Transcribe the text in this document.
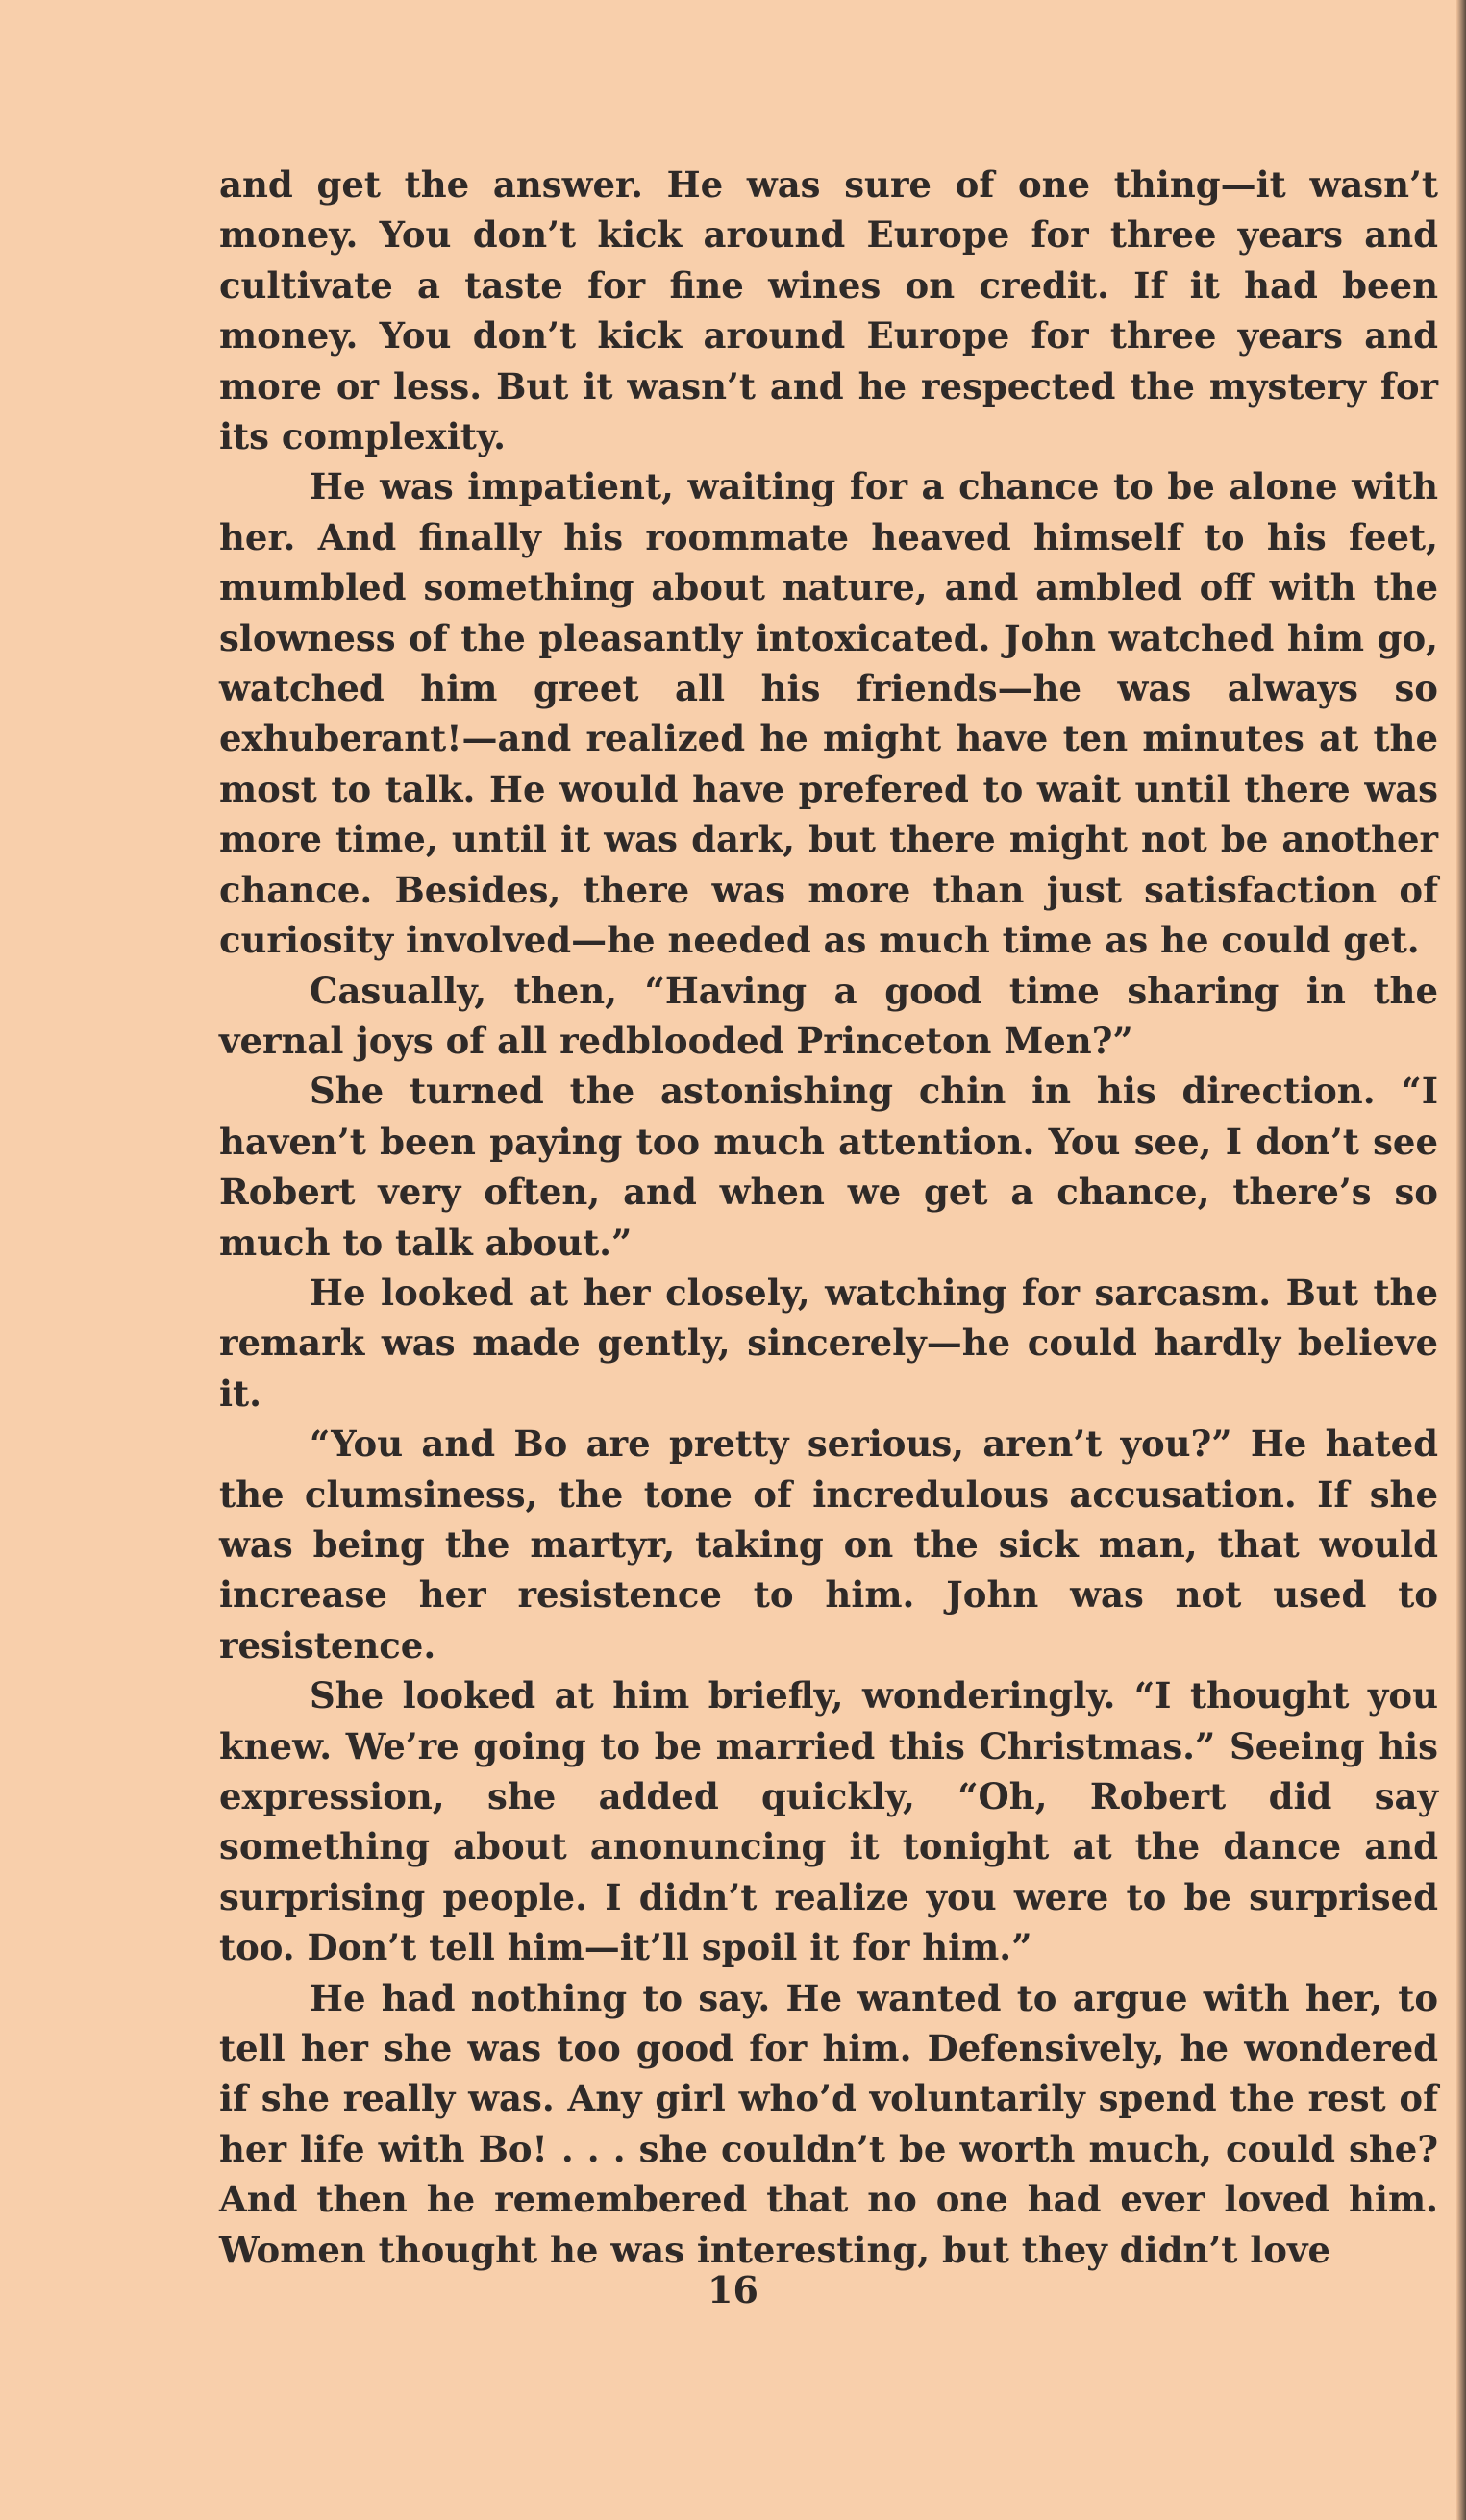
and get the answer. He was sure of one thing—it wasn’t money. You don’t kick around Europe for three years and cultivate a taste for fine wines on credit. If it had been money. You don’t kick around Europe for three years and more or less. But it wasn’t and he respected the mystery for its complexity.

He was impatient, waiting for a chance to be alone with her. And finally his roommate heaved himself to his feet, mumbled something about nature, and ambled off with the slowness of the pleasantly intoxicated. John watched him go, watched him greet all his friends—he was always so exhuberant!—and realized he might have ten minutes at the most to talk. He would have prefered to wait until there was more time, until it was dark, but there might not be another chance. Besides, there was more than just satisfaction of curiosity involved—he needed as much time as he could get.

Casually, then, “Having a good time sharing in the vernal joys of all redblooded Princeton Men?”

She turned the astonishing chin in his direction. “I haven’t been paying too much attention. You see, I don’t see Robert very often, and when we get a chance, there’s so much to talk about.”

He looked at her closely, watching for sarcasm. But the remark was made gently, sincerely—he could hardly believe it.

“You and Bo are pretty serious, aren’t you?” He hated the clumsiness, the tone of incredulous accusation. If she was being the martyr, taking on the sick man, that would increase her resistence to him. John was not used to resistence.

She looked at him briefly, wonderingly. “I thought you knew. We’re going to be married this Christmas.” Seeing his expression, she added quickly, “Oh, Robert did say something about anonuncing it tonight at the dance and surprising people. I didn’t realize you were to be surprised too. Don’t tell him—it’ll spoil it for him.”

He had nothing to say. He wanted to argue with her, to tell her she was too good for him. Defensively, he wondered if she really was. Any girl who’d voluntarily spend the rest of her life with Bo! . . . she couldn’t be worth much, could she? And then he remembered that no one had ever loved him. Women thought he was interesting, but they didn’t love

16
